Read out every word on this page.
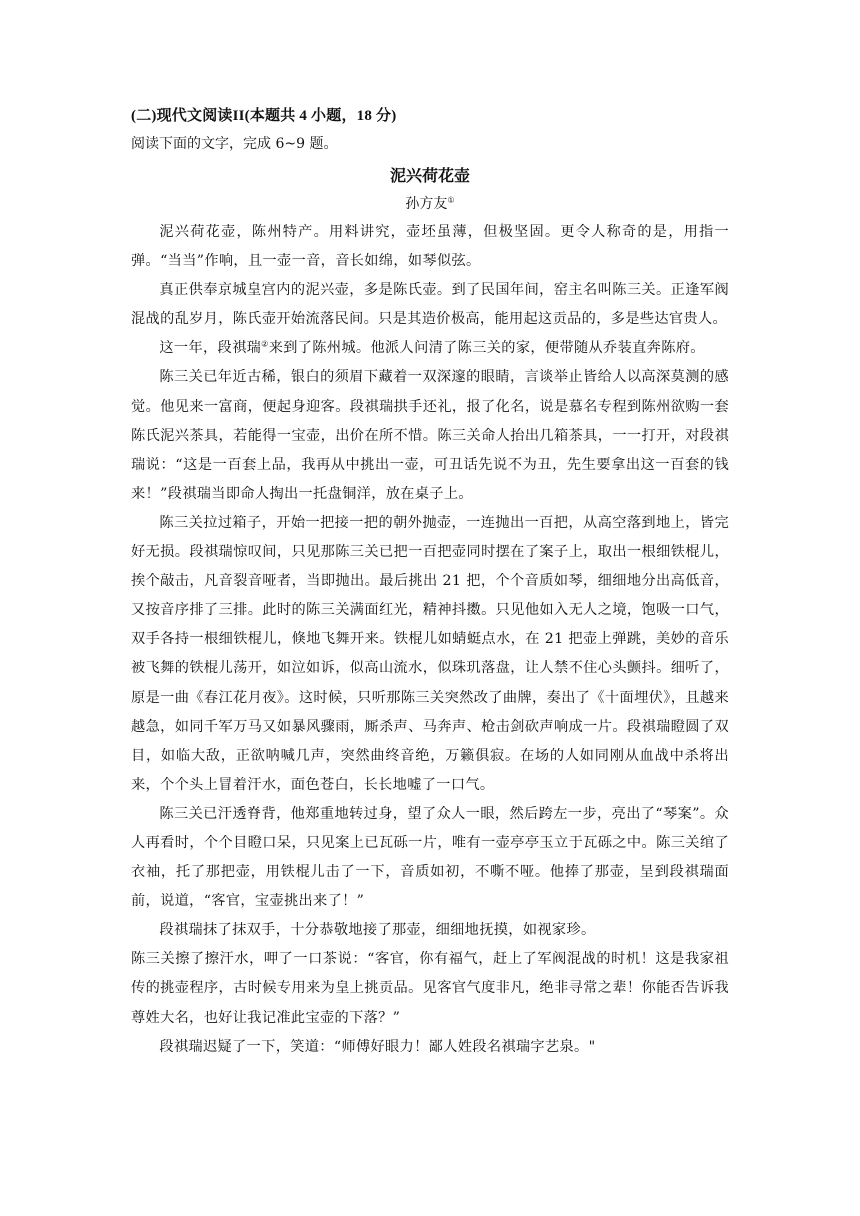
(二)现代文阅读II(本题共 4 小题，18 分)
阅读下面的文字，完成 6~9 题。
泥兴荷花壶
孙方友①

泥兴荷花壶，陈州特产。用料讲究，壶坯虽薄，但极坚固。更令人称奇的是，用指一弹。“当当”作响，且一壶一音，音长如绵，如琴似弦。

真正供奉京城皇宫内的泥兴壶，多是陈氏壶。到了民国年间，窑主名叫陈三关。正逢军阀混战的乱岁月，陈氏壶开始流落民间。只是其造价极高，能用起这贡品的，多是些达官贵人。

这一年，段祺瑞②来到了陈州城。他派人问清了陈三关的家，便带随从乔装直奔陈府。

陈三关已年近古稀，银白的须眉下藏着一双深邃的眼睛，言谈举止皆给人以高深莫测的感觉。他见来一富商，便起身迎客。段祺瑞拱手还礼，报了化名，说是慕名专程到陈州欲购一套陈氏泥兴茶具，若能得一宝壶，出价在所不惜。陈三关命人抬出几箱茶具，一一打开，对段祺瑞说：“这是一百套上品，我再从中挑出一壶，可丑话先说不为丑，先生要拿出这一百套的钱来！”段祺瑞当即命人掏出一托盘铜洋，放在桌子上。

陈三关拉过箱子，开始一把接一把的朝外抛壶，一连抛出一百把，从高空落到地上，皆完好无损。段祺瑞惊叹间，只见那陈三关已把一百把壶同时摆在了案子上，取出一根细铁棍儿，挨个敲击，凡音裂音哑者，当即抛出。最后挑出 21 把，个个音质如琴，细细地分出高低音，又按音序排了三排。此时的陈三关满面红光，精神抖擞。只见他如入无人之境，饱吸一口气，双手各持一根细铁棍儿，倏地飞舞开来。铁棍儿如蜻蜓点水，在 21 把壶上弹跳，美妙的音乐被飞舞的铁棍儿荡开，如泣如诉，似高山流水，似珠玑落盘，让人禁不住心头颤抖。细听了，原是一曲《春江花月夜》。这时候，只听那陈三关突然改了曲牌，奏出了《十面埋伏》，且越来越急，如同千军万马又如暴风骤雨，厮杀声、马奔声、枪击剑砍声响成一片。段祺瑞瞪圆了双目，如临大敌，正欲呐喊几声，突然曲终音绝，万籁俱寂。在场的人如同刚从血战中杀将出来，个个头上冒着汗水，面色苍白，长长地嘘了一口气。

陈三关已汗透脊背，他郑重地转过身，望了众人一眼，然后跨左一步，亮出了“琴案”。众人再看时，个个目瞪口呆，只见案上已瓦砾一片，唯有一壶亭亭玉立于瓦砾之中。陈三关绾了衣袖，托了那把壶，用铁棍儿击了一下，音质如初，不嘶不哑。他捧了那壶，呈到段祺瑞面前，说道，“客官，宝壶挑出来了！”

段祺瑞抹了抹双手，十分恭敬地接了那壶，细细地抚摸，如视家珍。

陈三关擦了擦汗水，呷了一口茶说：“客官，你有福气，赶上了军阀混战的时机！这是我家祖传的挑壶程序，古时候专用来为皇上挑贡品。见客官气度非凡，绝非寻常之辈！你能否告诉我尊姓大名，也好让我记准此宝壶的下落？”

段祺瑞迟疑了一下，笑道：“师傅好眼力！鄙人姓段名祺瑞字艺泉。"
